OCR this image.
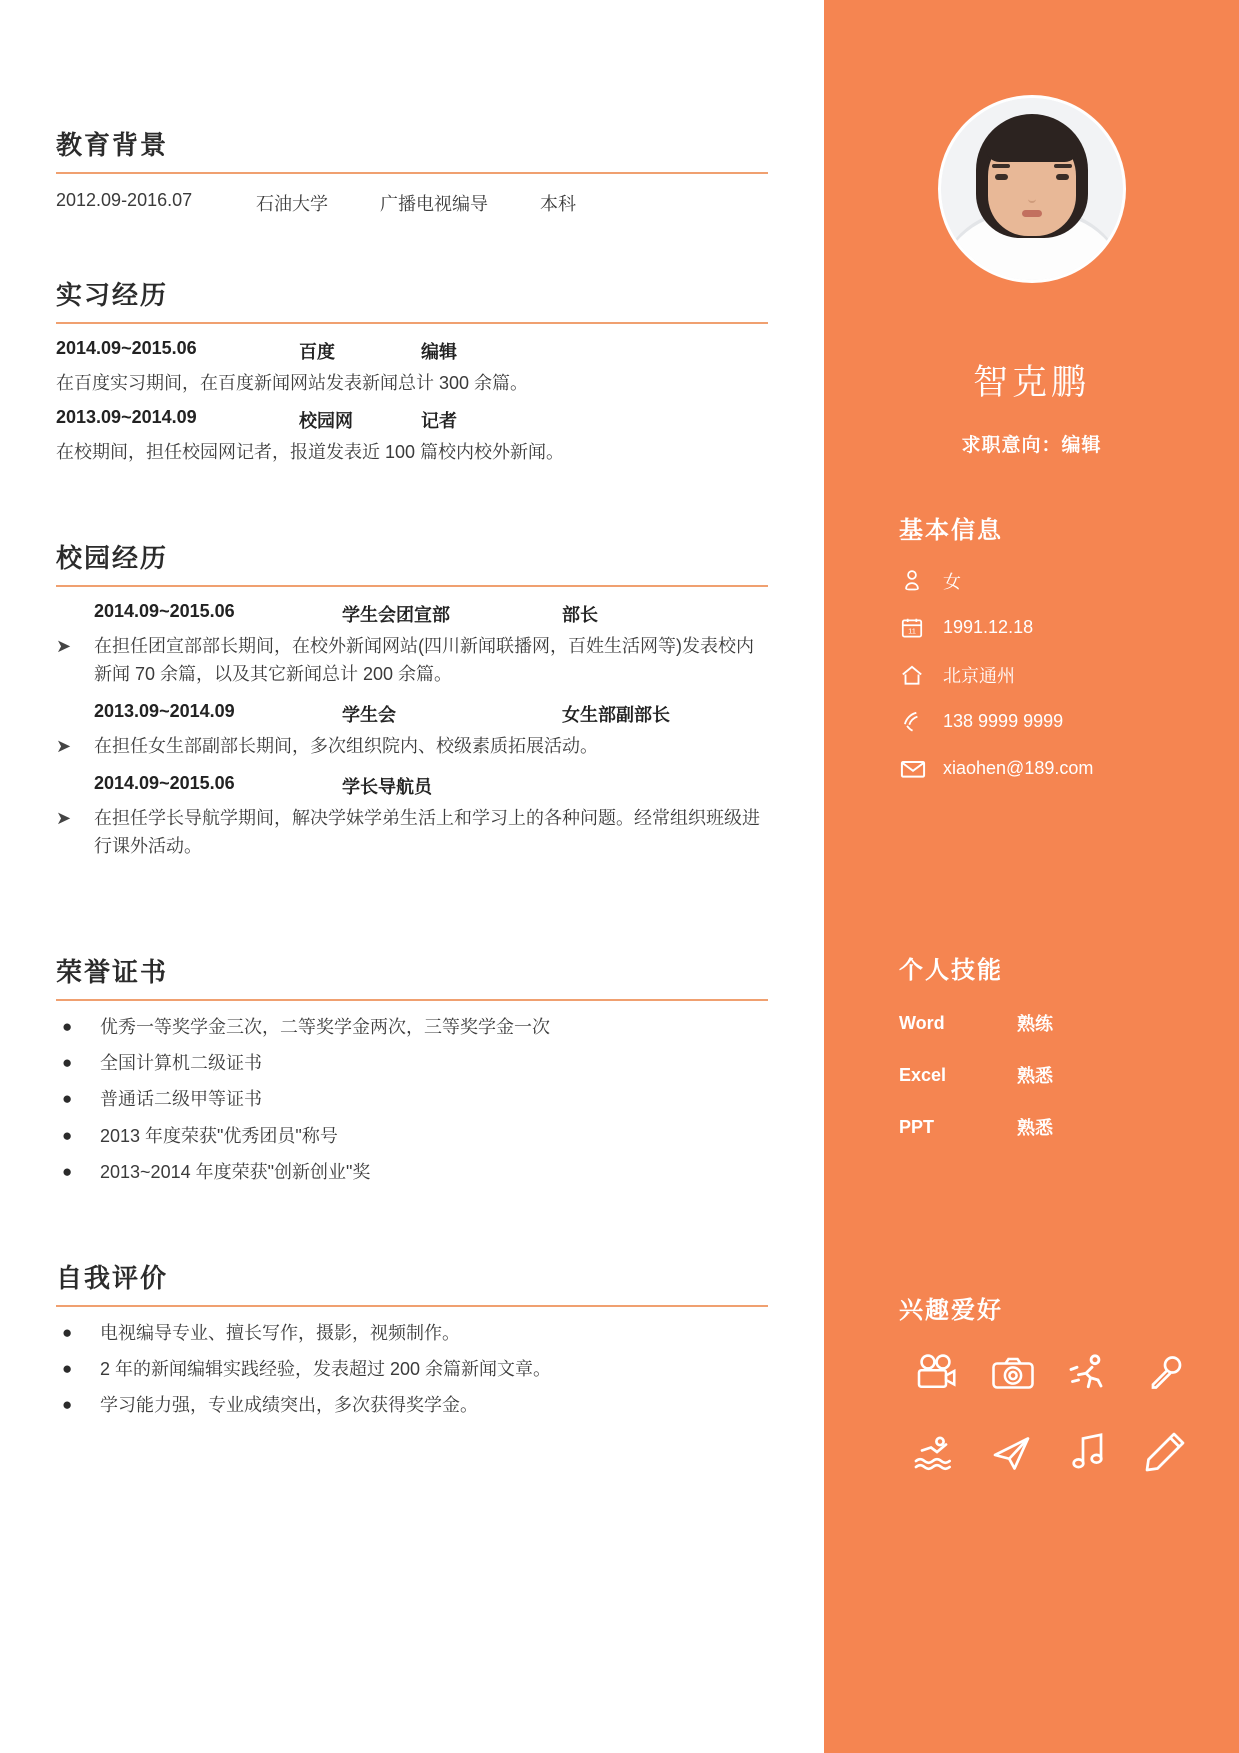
教育背景
2012.09-2016.07	石油大学	广播电视编导	本科
实习经历
2014.09~2015.06	百度	编辑

在百度实习期间，在百度新闻网站发表新闻总计 300 余篇。

2013.09~2014.09	校园网	记者

在校期间，担任校园网记者，报道发表近 100 篇校内校外新闻。

校园经历
2014.09~2015.06	学生会团宣部	部长
➤	在担任团宣部部长期间，在校外新闻网站(四川新闻联播网，百姓生活网等)发表校内新闻 70 余篇，以及其它新闻总计 200 余篇。
2013.09~2014.09	学生会	女生部副部长
➤	在担任女生部副部长期间，多次组织院内、校级素质拓展活动。
2014.09~2015.06	学长导航员
➤	在担任学长导航学期间，解决学妹学弟生活上和学习上的各种问题。经常组织班级进行课外活动。
荣誉证书
●	优秀一等奖学金三次，二等奖学金两次，三等奖学金一次
●	全国计算机二级证书
●	普通话二级甲等证书
●	2013 年度荣获"优秀团员"称号
●	2013~2014 年度荣获"创新创业"奖
自我评价
●	电视编导专业、擅长写作，摄影，视频制作。
●	2 年的新闻编辑实践经验，发表超过 200 余篇新闻文章。
●	学习能力强，专业成绩突出，多次获得奖学金。
智克鹏
求职意向：编辑
基本信息
女
11 1991.12.18
北京通州
138 9999 9999
xiaohen@189.com
个人技能
Word	熟练
Excel	熟悉
PPT	熟悉
兴趣爱好
